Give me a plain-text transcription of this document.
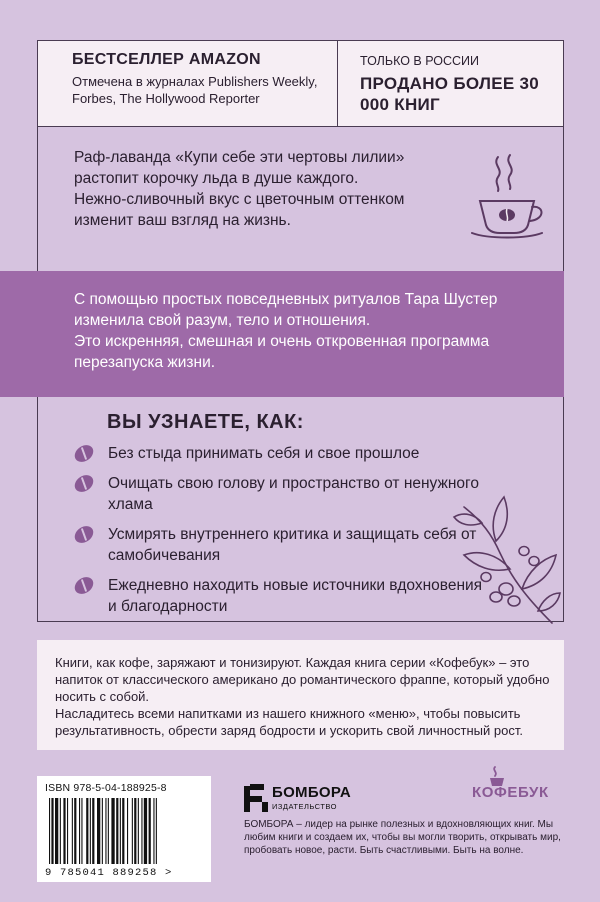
БЕСТСЕЛЛЕР AMAZON
Отмечена в журналах Publishers Weekly, Forbes, The Hollywood Reporter
ТОЛЬКО В РОССИИ
ПРОДАНО БОЛЕЕ 30 000 КНИГ

Раф-лаванда «Купи себе эти чертовы лилии» растопит корочку льда в душе каждого.

Нежно-сливочный вкус с цветочным оттенком изменит ваш взгляд на жизнь.

С помощью простых повседневных ритуалов Тара Шустер изменила свой разум, тело и отношения.

Это искренняя, смешная и очень откровенная программа перезапуска жизни.

ВЫ УЗНАЕТЕ, КАК:
Без стыда принимать себя и свое прошлое
Очищать свою голову и пространство от ненужного хлама
Усмирять внутреннего критика и защищать себя от самобичевания
Ежедневно находить новые источники вдохновения и благодарности

Книги, как кофе, заряжают и тонизируют. Каждая книга серии «Кофебук» – это напиток от классического американо до романтического фраппе, который удобно носить с собой.

Насладитесь всеми напитками из нашего книжного «меню», чтобы повысить результативность, обрести заряд бодрости и ускорить свой личностный рост.

ISBN 978-5-04-188925-8
9 785041 889258 >
БОМБОРА
ИЗДАТЕЛЬСТВО
БОМБОРА – лидер на рынке полезных и вдохновляющих книг. Мы любим книги и создаем их, чтобы вы могли творить, открывать мир, пробовать новое, расти. Быть счастливыми. Быть на волне.
КОФЕБУК
